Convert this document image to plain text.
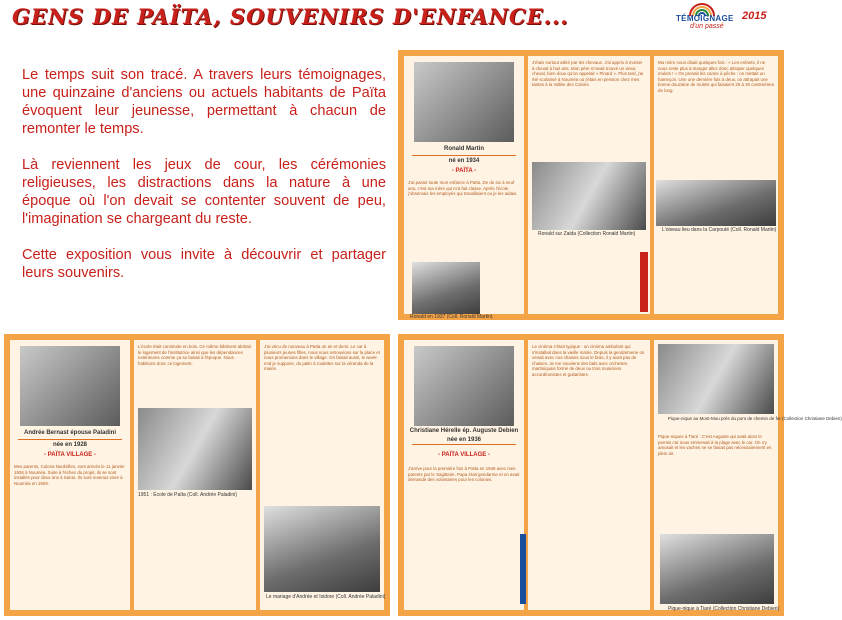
GENS DE PAÏTA, SOUVENIRS D'ENFANCE...	TÉMOIGNAGE
d'un passé
2015

Le temps suit son tracé. A travers leurs témoignages, une quinzaine d'anciens ou actuels habitants de Païta évoquent leur jeunesse, permettant à chacun de remonter le temps.

Là reviennent les jeux de cour, les cérémonies religieuses, les distractions dans la nature à une époque où l'on devait se contenter souvent de peu, l'imagination se chargeant du reste.

Cette exposition vous invite à découvrir et partager leurs souvenirs.

Ronald Martin
né en 1934
- PAÏTA -
J'ai passé toute mon enfance à Païta. De de six à neuf ans, c'est ma mère qui m'a fait classe. Après l'école, j'observais les employés qui travaillaient ou je les aidais.
Ronald en 1937 (Coll. Ronald Martin)
J'étais surtout attiré par les chevaux. J'ai appris à monter à cheval à huit ans. Mon père m'avait trouvé un vieux cheval, bien doux qu'on appelait « Pinard ». Plus tard, j'ai été scolarisé à Nouméa où j'étais en pension chez mes tantes à la Vallée des Colons.
Ronald sur Zaida (Collection Ronald Martin)
Ma mère nous disait quelques fois : « Les enfants, il ne nous reste plus à manger allez donc attraper quelques mulets ! » On prenait les canne à pêche : on mettait un hameçon. Une une dernière fois à deux, on attrapait une bonne douzaine de mulets qui faisaient 25 à 30 centimètres de long.
L'oiseau lieu dans la Carpouté (Coll. Ronald Martin)
Andrée Bernast épouse Paladini
née en 1928
- PAÏTA VILLAGE -
Mes parents, Colona Nordsilles, sont arrivés le 11 janvier 1926 à Nouméa. Suite à l'échec du projet, ils se sont installés pour deux ans à Santo. Ils sont revenus vivre à Nouméa en 1929.
L'école était construite en bois. Ce même bâtiment abritait le logement de l'institutrice ainsi que les dépendances extérieures comme ça se faisait à l'époque. Nous habitions donc ce logement.
1951 : École de Païta (Coll. Andrée Paladini)
J'ai vécu de nouveau à Païta un an et demi. Le car à plusieurs jeunes filles, nous nous retrouvions sur la place et nous promenions dans le village. On faisait aussi, le week-end je suppose, du patin à roulettes sur la véranda de la mairie.
Le mariage d'Andrée et Isidore (Coll. Andrée Paladini)
Christiane Hérelle ép. Auguste Debien
née en 1936
- PAÏTA VILLAGE -
J'arrive pour la première fois à Païta en 1946 avec mes parents par le Sagittaire. Papa était gendarme et on avait demandé des volontaires pour les colonies.
Le cinéma c'était typique : un cinéma ambulant qui s'installait dans la vieille mairie. Depuis la gendarmerie on venait avec nos chaises sous le bras, il y avait pas de chaises. Je me souviens des bals avec orchestre martiniquais formé de deux ou trois musiciens accordéonistes et guitaristes.
Pique-nique au Mont-Mou près du pont de chemin de fer (Collection Christiane Debien)
Pique-niques à Tiaré : C'est Auguste qui avait alors le permis car nous emmenait à la plage avec le car. On s'y amusait et les vaches ne se faisait pas nécessairement en plein air.
Pique-nique à Tiaré (Collection Christiane Debien)
